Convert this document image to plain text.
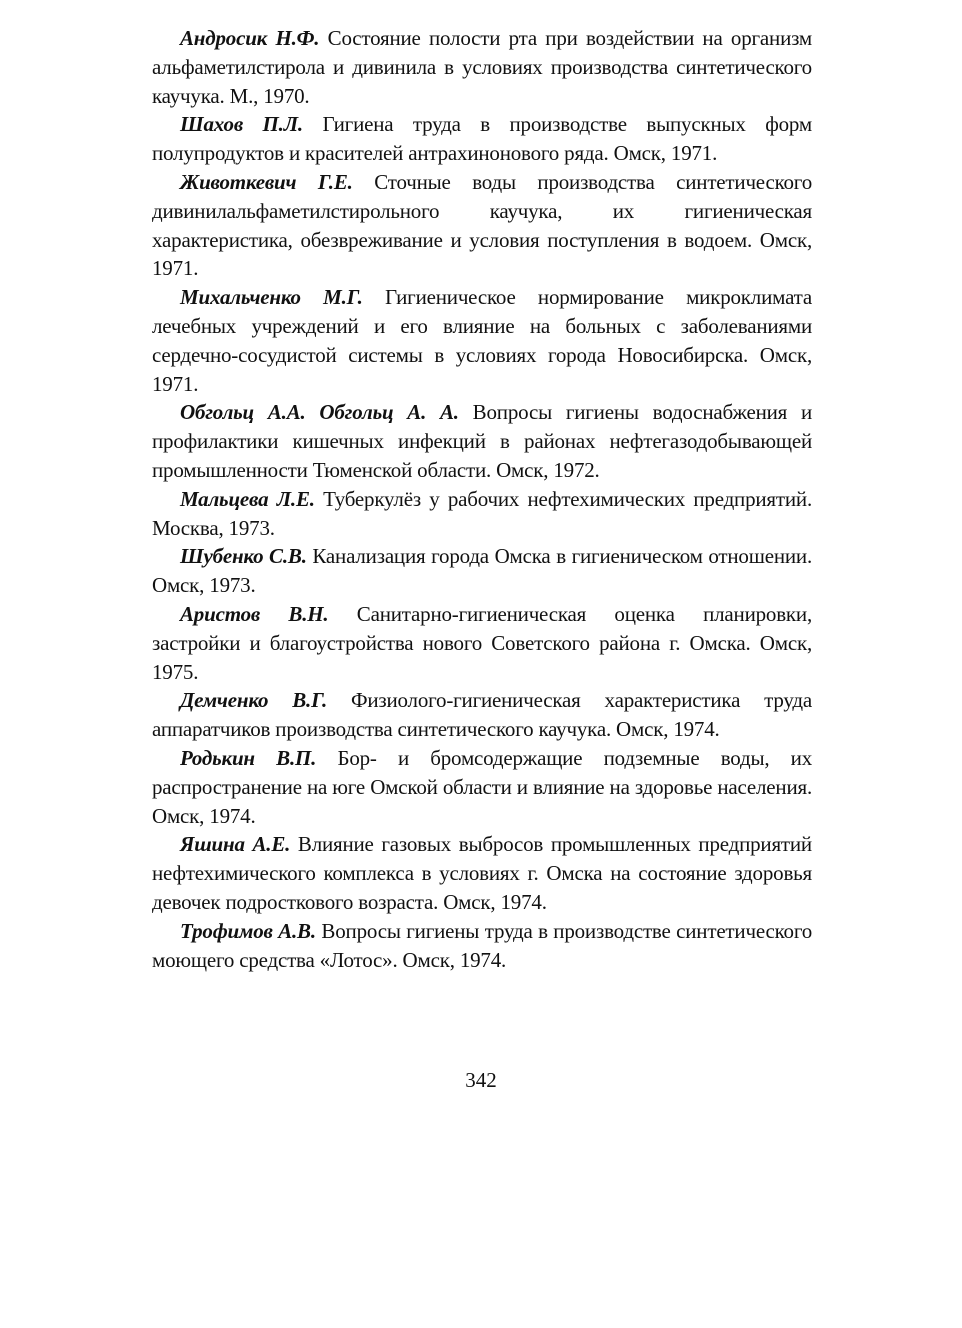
Андросик Н.Ф. Состояние полости рта при воздействии на организм альфаметилстирола и дивинила в условиях производства синтетического каучука. М., 1970.

Шахов П.Л. Гигиена труда в производстве выпускных форм полупродуктов и красителей антрахинонового ряда. Омск, 1971.

Животкевич Г.Е. Сточные воды производства синтетического дивинилальфаметилстирольного каучука, их гигиеническая характеристика, обезвреживание и условия поступления в водоем. Омск, 1971.

Михальченко М.Г. Гигиеническое нормирование микроклимата лечебных учреждений и его влияние на больных с заболеваниями сердечно-сосудистой системы в условиях города Новосибирска. Омск, 1971.

Обгольц А.А. Обгольц А. А. Вопросы гигиены водоснабжения и профилактики кишечных инфекций в районах нефтегазодобывающей промышленности Тюменской области. Омск, 1972.

Мальцева Л.Е. Туберкулёз у рабочих нефтехимических предприятий. Москва, 1973.

Шубенко С.В. Канализация города Омска в гигиеническом отношении. Омск, 1973.

Аристов В.Н. Санитарно-гигиеническая оценка планировки, застройки и благоустройства нового Советского района г. Омска. Омск, 1975.

Демченко В.Г. Физиолого-гигиеническая характеристика труда аппаратчиков производства синтетического каучука. Омск, 1974.

Родькин В.П. Бор- и бромсодержащие подземные воды, их распространение на юге Омской области и влияние на здоровье населения. Омск, 1974.

Яшина А.Е. Влияние газовых выбросов промышленных предприятий нефтехимического комплекса в условиях г. Омска на состояние здоровья девочек подросткового возраста. Омск, 1974.

Трофимов А.В. Вопросы гигиены труда в производстве синтетического моющего средства «Лотос». Омск, 1974.

342
